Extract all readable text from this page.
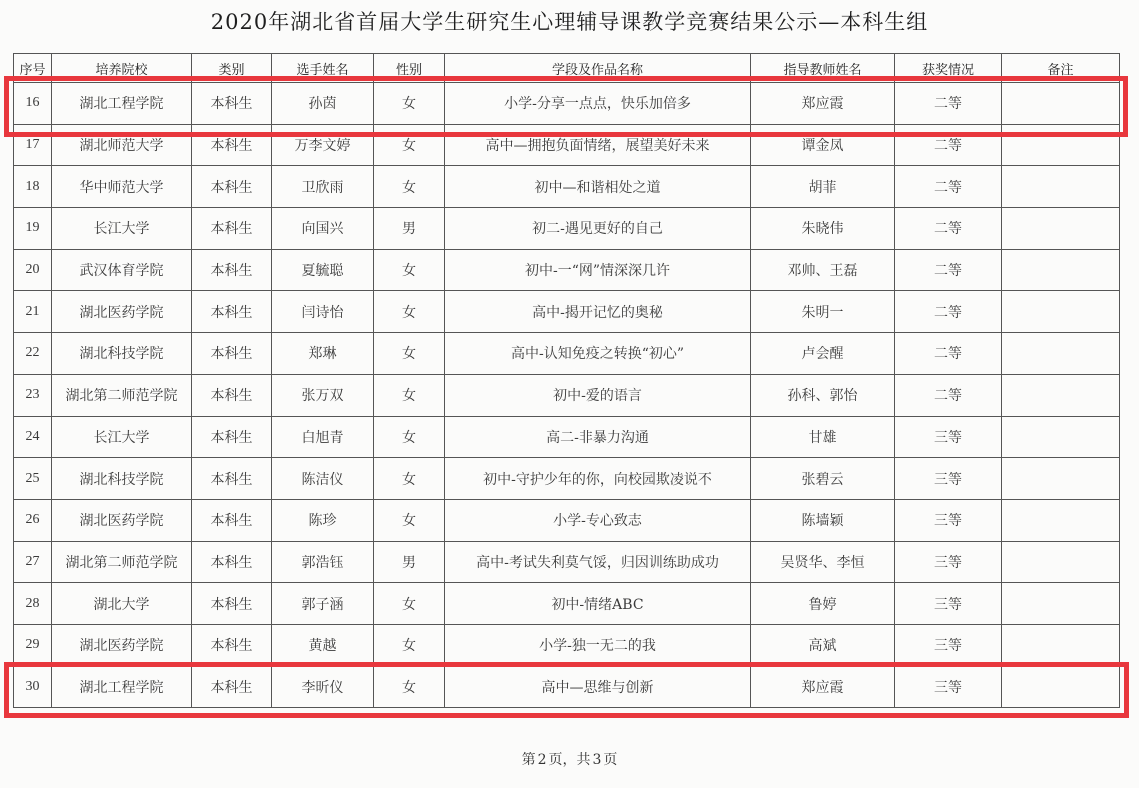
2020年湖北省首届大学生研究生心理辅导课教学竞赛结果公示—本科生组
序号	培养院校	类别	选手姓名	性别	学段及作品名称	指导教师姓名	获奖情况	备注
16	湖北工程学院	本科生	孙茵	女	小学-分享一点点，快乐加倍多	郑应霞	二等	
17	湖北师范大学	本科生	万李文婷	女	高中—拥抱负面情绪，展望美好未来	谭金凤	二等	
18	华中师范大学	本科生	卫欣雨	女	初中—和谐相处之道	胡菲	二等	
19	长江大学	本科生	向国兴	男	初二-遇见更好的自己	朱晓伟	二等	
20	武汉体育学院	本科生	夏毓聪	女	初中-一“网”情深深几许	邓帅、王磊	二等	
21	湖北医药学院	本科生	闫诗怡	女	高中-揭开记忆的奥秘	朱明一	二等	
22	湖北科技学院	本科生	郑琳	女	高中-认知免疫之转换“初心”	卢会醒	二等	
23	湖北第二师范学院	本科生	张万双	女	初中-爱的语言	孙科、郭怡	二等	
24	长江大学	本科生	白旭青	女	高二-非暴力沟通	甘雄	三等	
25	湖北科技学院	本科生	陈洁仪	女	初中-守护少年的你，向校园欺凌说不	张碧云	三等	
26	湖北医药学院	本科生	陈珍	女	小学-专心致志	陈墙颖	三等	
27	湖北第二师范学院	本科生	郭浩钰	男	高中-考试失利莫气馁，归因训练助成功	吴贤华、李恒	三等	
28	湖北大学	本科生	郭子涵	女	初中-情绪ABC	鲁婷	三等	
29	湖北医药学院	本科生	黄越	女	小学-独一无二的我	高斌	三等	
30	湖北工程学院	本科生	李昕仪	女	高中—思维与创新	郑应霞	三等	
第 2 页，共 3 页
